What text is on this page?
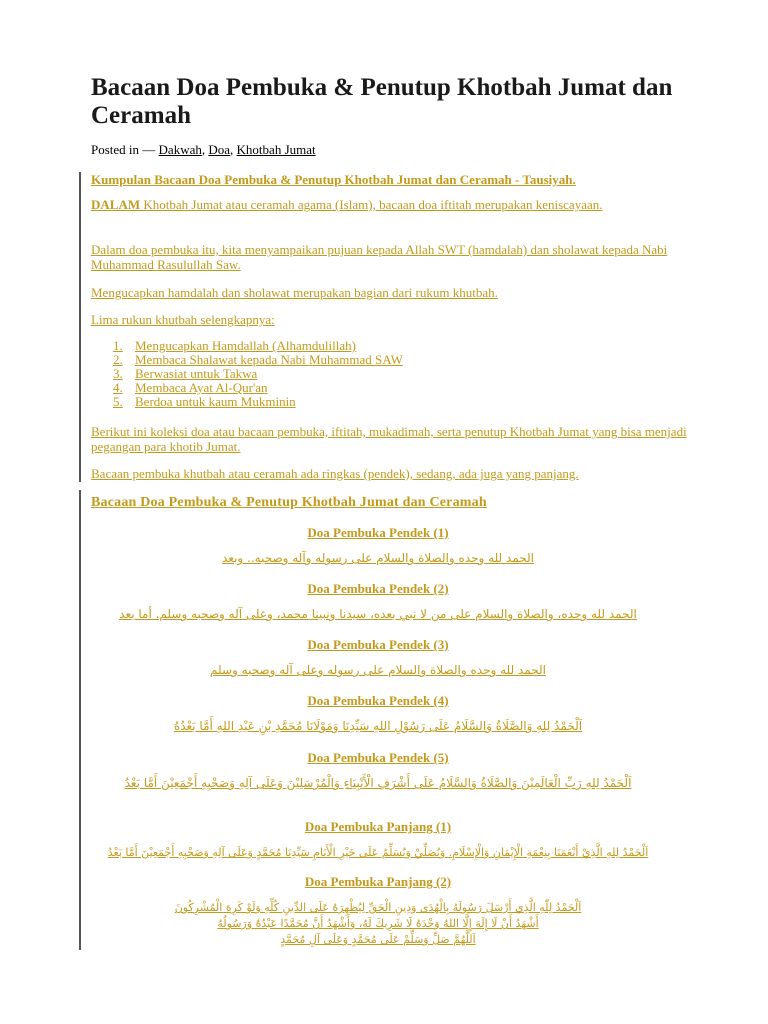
Bacaan Doa Pembuka & Penutup Khotbah Jumat dan Ceramah
Posted in — Dakwah, Doa, Khotbah Jumat
Kumpulan Bacaan Doa Pembuka & Penutup Khotbah Jumat dan Ceramah - Tausiyah.
DALAM Khotbah Jumat atau ceramah agama (Islam), bacaan doa iftitah merupakan keniscayaan.
Dalam doa pembuka itu, kita menyampaikan pujuan kepada Allah SWT (hamdalah) dan sholawat kepada Nabi Muhammad Rasulullah Saw.
Mengucapkan hamdalah dan sholawat merupakan bagian dari rukum khutbah.
Lima rukun khutbah selengkapnya:
1. Mengucapkan Hamdallah (Alhamdulillah)
2. Membaca Shalawat kepada Nabi Muhammad SAW
3. Berwasiat untuk Takwa
4. Membaca Ayat Al-Qur'an
5. Berdoa untuk kaum Mukminin
Berikut ini koleksi doa atau bacaan pembuka, iftitah, mukadimah, serta penutup Khotbah Jumat yang bisa menjadi pegangan para khotib Jumat.
Bacaan pembuka khutbah atau ceramah ada ringkas (pendek), sedang, ada juga yang panjang.
Bacaan Doa Pembuka & Penutup Khotbah Jumat dan Ceramah
Doa Pembuka Pendek (1)
الحمد لله وحده والصلاة والسلام على رسوله وآله وصحبه.. وبعد
Doa Pembuka Pendek (2)
الحمد لله وحده، والصلاة والسلام على من لا نبي بعده، سيدنا ونبينا محمد، وعلى آله وصحبه وسلم. أما بعد
Doa Pembuka Pendek (3)
الحمد لله وحده والصلاة والسلام على رسوله وعلى آله وصحبه وسلم
Doa Pembuka Pendek (4)
اَلْحَمْدُ لِلهِ وَالصَّلَاةُ وَالسَّلَامُ عَلَى رَسُوْلِ اللهِ سَيِّدِنَا وَمَوْلَانَا مُحَمَّدِ بْنِ عَبْدِ اللهِ أَمَّا بَعْدُهُ
Doa Pembuka Pendek (5)
اَلْحَمْدُ لِلهِ رَبِّ الْعَالَمِيْنَ وَالصَّلَاةُ وَالسَّلَامُ عَلَى أَشْرَفِ الْأَنْبِيَاءِ وَالْمُرْسَلِيْنَ وَعَلَى آلِهِ وَصَحْبِهِ أَجْمَعِيْنَ أَمَّا بَعْدُ
Doa Pembuka Panjang (1)
اَلْحَمْدُ لِلهِ الَّذِيْ أَنْعَمَنَا بِنِعْمَةِ الْإِيْمَانِ وَالْإِسْلَامِ. وَنُصَلِّيْ وَنُسَلِّمُ عَلَى خَيْرِ الْأَنَامِ سَيِّدِنَا مُحَمَّدٍ وَعَلَى آلِهِ وَصَحْبِهِ أَجْمَعِيْنَ أَمَّا بَعْدُ
Doa Pembuka Panjang (2)
اَلْحَمْدُ لِلّٰهِ الَّذِي أَرْسَلَ رَسُولَهُ بِالْهُدَى وَدِينِ الْحَقِّ لِيُظْهِرَهُ عَلَى الدِّينِ كُلِّهِ وَلَوْ كَرِهَ الْمُشْرِكُونَ
أَشْهَدُ أَنْ لَا إِلَهَ إِلَّا اللهُ وَحْدَهُ لَا شَرِيكَ لَهُ، وَأَشْهَدُ أَنَّ مُحَمَّدًا عَبْدُهُ وَرَسُولُهُ
اَللَّهُمَّ صَلِّ وَسَلِّمْ عَلَى مُحَمَّدٍ وَعَلَى آلِ مُحَمَّدٍ
